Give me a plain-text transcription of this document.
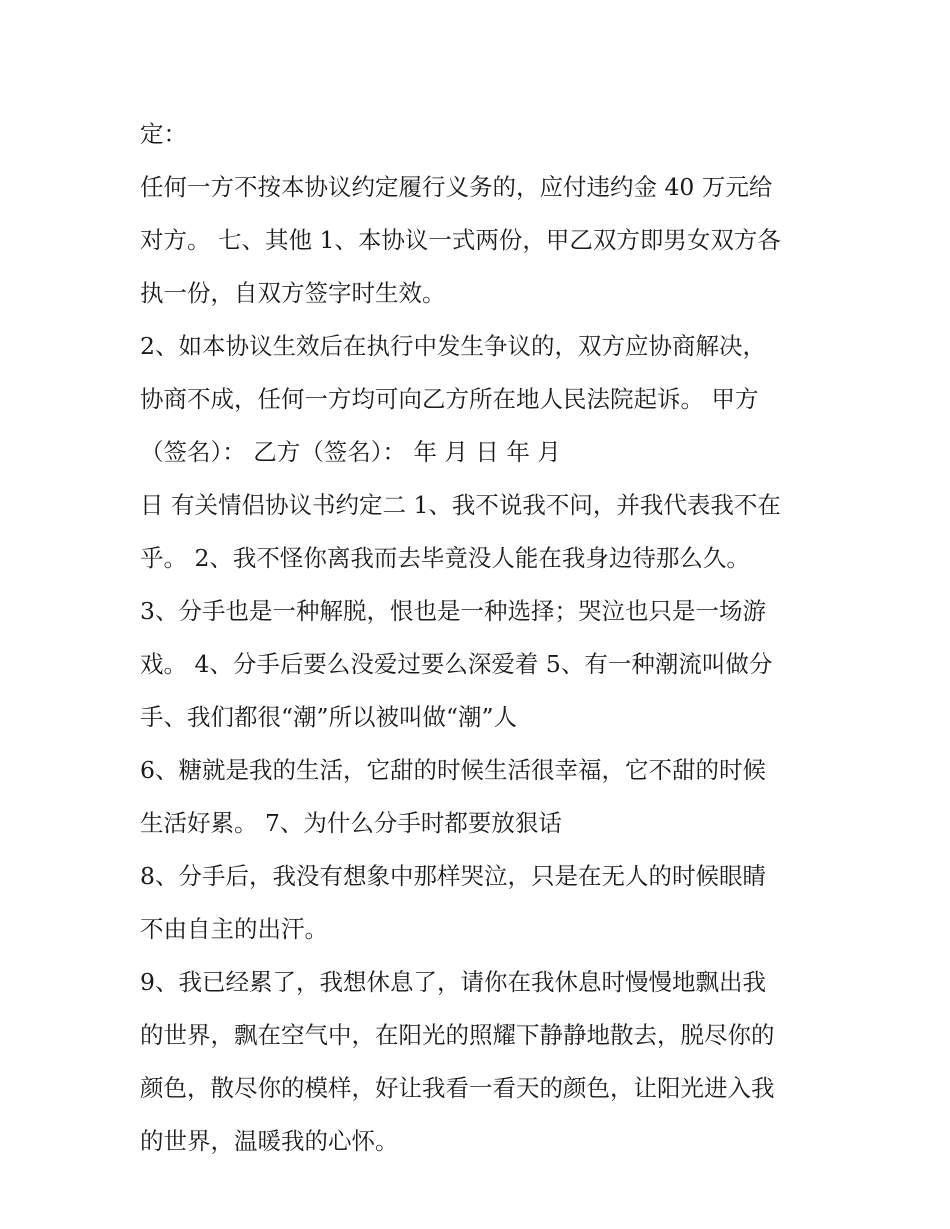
定：
任何一方不按本协议约定履行义务的，应付违约金 40 万元给
对方。 七、其他 1、本协议一式两份，甲乙双方即男女双方各
执一份，自双方签字时生效。
2、如本协议生效后在执行中发生争议的，双方应协商解决，
协商不成，任何一方均可向乙方所在地人民法院起诉。 甲方
（签名）： 乙方（签名）： 年 月 日 年 月
日 有关情侣协议书约定二 1、我不说我不问，并我代表我不在
乎。 2、我不怪你离我而去毕竟没人能在我身边待那么久。
3、分手也是一种解脱，恨也是一种选择；哭泣也只是一场游
戏。 4、分手后要么没爱过要么深爱着 5、有一种潮流叫做分
手、我们都很“潮”所以被叫做“潮”人
6、糖就是我的生活，它甜的时候生活很幸福，它不甜的时候
生活好累。 7、为什么分手时都要放狠话
8、分手后，我没有想象中那样哭泣，只是在无人的时候眼睛
不由自主的出汗。
9、我已经累了，我想休息了，请你在我休息时慢慢地飘出我
的世界，飘在空气中，在阳光的照耀下静静地散去，脱尽你的
颜色，散尽你的模样，好让我看一看天的颜色，让阳光进入我
的世界，温暖我的心怀。
